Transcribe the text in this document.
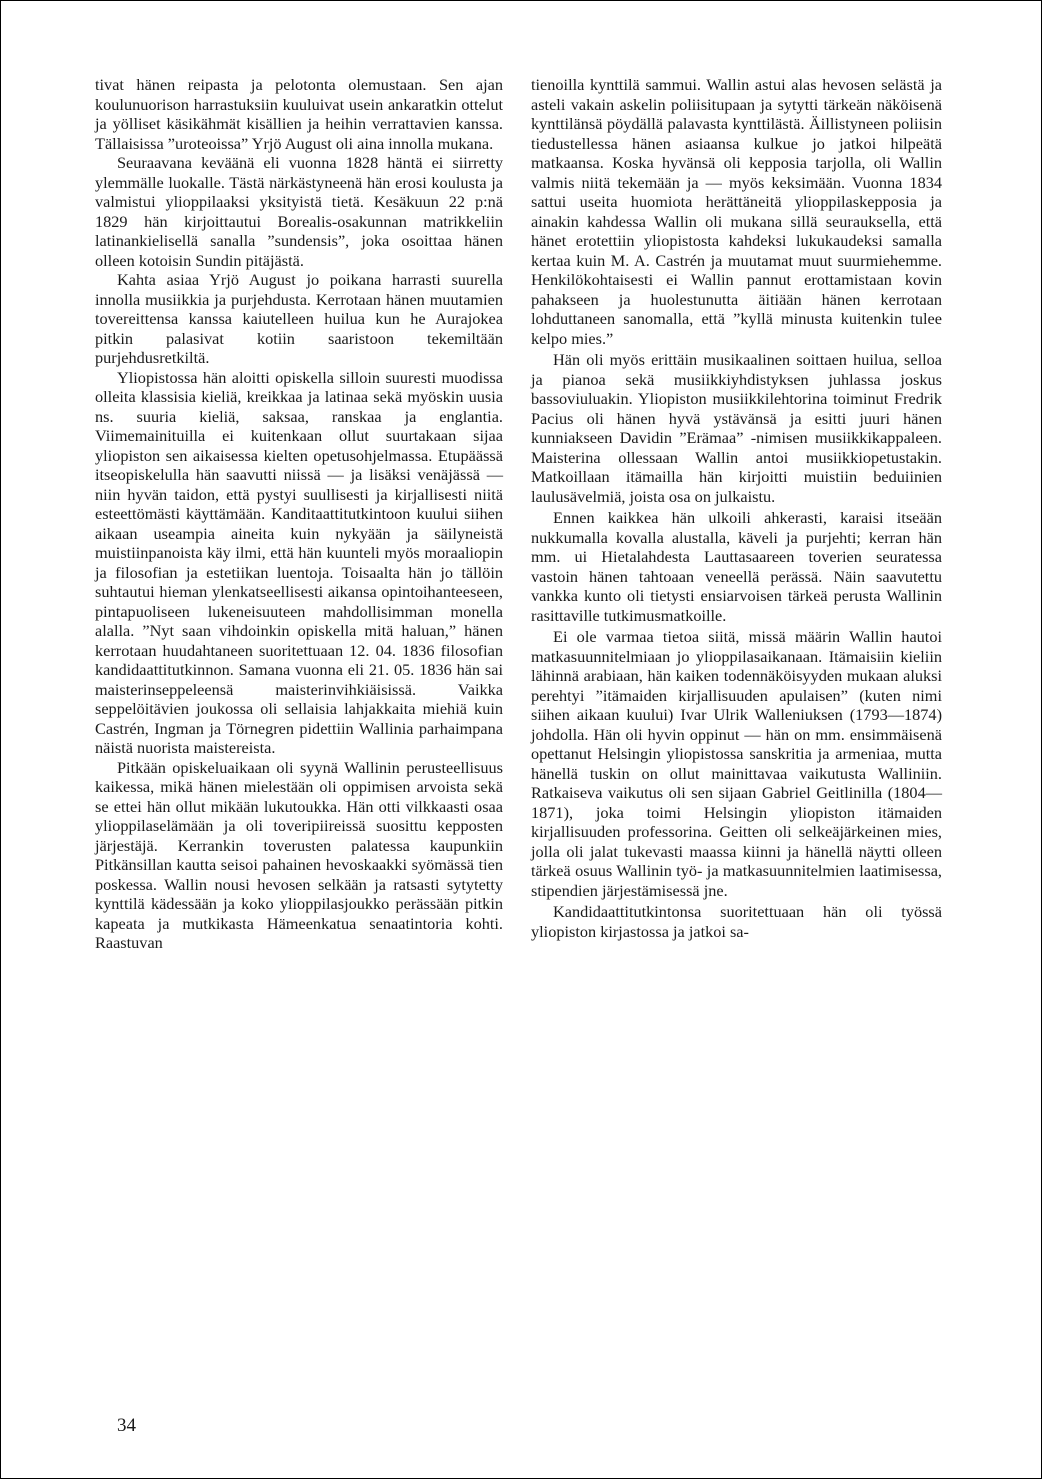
tivat hänen reipasta ja pelotonta olemustaan. Sen ajan koulunuorison harrastuksiin kuuluivat usein ankaratkin ottelut ja yölliset käsikähmät kisällien ja heihin verrattavien kanssa. Tällaisissa ”uroteoissa” Yrjö August oli aina innolla mukana.

Seuraavana keväänä eli vuonna 1828 häntä ei siirretty ylemmälle luokalle. Tästä närkästyneenä hän erosi koulusta ja valmistui ylioppilaaksi yksityistä tietä. Kesäkuun 22 p:nä 1829 hän kirjoittautui Borealis-osakunnan matrikkeliin latinankielisellä sanalla ”sundensis”, joka osoittaa hänen olleen kotoisin Sundin pitäjästä.

Kahta asiaa Yrjö August jo poikana harrasti suurella innolla musiikkia ja purjehdusta. Kerrotaan hänen muutamien tovereittensa kanssa kaiutelleen huilua kun he Aurajokea pitkin palasivat kotiin saaristoon tekemiltään purjehdusretkiltä.

Yliopistossa hän aloitti opiskella silloin suuresti muodissa olleita klassisia kieliä, kreikkaa ja latinaa sekä myöskin uusia ns. suuria kieliä, saksaa, ranskaa ja englantia. Viimemainituilla ei kuitenkaan ollut suurtakaan sijaa yliopiston sen aikaisessa kielten opetusohjelmassa. Etupäässä itseopiskelulla hän saavutti niissä — ja lisäksi venäjässä — niin hyvän taidon, että pystyi suullisesti ja kirjallisesti niitä esteettömästi käyttämään. Kanditaattitutkintoon kuului siihen aikaan useampia aineita kuin nykyään ja säilyneistä muistiinpanoista käy ilmi, että hän kuunteli myös moraaliopin ja filosofian ja estetiikan luentoja. Toisaalta hän jo tällöin suhtautui hieman ylenkatseellisesti aikansa opintoihanteeseen, pintapuoliseen lukeneisuuteen mahdollisimman monella alalla. ”Nyt saan vihdoinkin opiskella mitä haluan,” hänen kerrotaan huudahtaneen suoritettuaan 12. 04. 1836 filosofian kandidaattitutkinnon. Samana vuonna eli 21. 05. 1836 hän sai maisterinseppeleensä maisterinvihkiäisissä. Vaikka seppelöitävien joukossa oli sellaisia lahjakkaita miehiä kuin Castrén, Ingman ja Törnegren pidettiin Wallinia parhaimpana näistä nuorista maistereista.

Pitkään opiskeluaikaan oli syynä Wallinin perusteellisuus kaikessa, mikä hänen mielestään oli oppimisen arvoista sekä se ettei hän ollut mikään lukutoukka. Hän otti vilkkaasti osaa ylioppilaselämään ja oli toveripiireissä suosittu kepposten järjestäjä. Kerrankin toverusten palatessa kaupunkiin Pitkänsillan kautta seisoi pahainen hevoskaakki syömässä tien poskessa. Wallin nousi hevosen selkään ja ratsasti sytytetty kynttilä kädessään ja koko ylioppilasjoukko perässään pitkin kapeata ja mutkikasta Hämeenkatua senaatintoria kohti. Raastuvan

tienoilla kynttilä sammui. Wallin astui alas hevosen selästä ja asteli vakain askelin poliisitupaan ja sytytti tärkeän näköisenä kynttilänsä pöydällä palavasta kynttilästä. Äillistyneen poliisin tiedustellessa hänen asiaansa kulkue jo jatkoi hilpeätä matkaansa. Koska hyvänsä oli kepposia tarjolla, oli Wallin valmis niitä tekemään ja — myös keksimään. Vuonna 1834 sattui useita huomiota herättäneitä ylioppilaskepposia ja ainakin kahdessa Wallin oli mukana sillä seurauksella, että hänet erotettiin yliopistosta kahdeksi lukukaudeksi samalla kertaa kuin M. A. Castrén ja muutamat muut suurmiehemme. Henkilökohtaisesti ei Wallin pannut erottamistaan kovin pahakseen ja huolestunutta äitiään hänen kerrotaan lohduttaneen sanomalla, että ”kyllä minusta kuitenkin tulee kelpo mies.”

Hän oli myös erittäin musikaalinen soittaen huilua, selloa ja pianoa sekä musiikkiyhdistyksen juhlassa joskus bassoviuluakin. Yliopiston musiikkilehtorina toiminut Fredrik Pacius oli hänen hyvä ystävänsä ja esitti juuri hänen kunniakseen Davidin ”Erämaa” -nimisen musiikkikappaleen. Maisterina ollessaan Wallin antoi musiikkiopetustakin. Matkoillaan itämailla hän kirjoitti muistiin beduiinien laulusävelmiä, joista osa on julkaistu.

Ennen kaikkea hän ulkoili ahkerasti, karaisi itseään nukkumalla kovalla alustalla, käveli ja purjehti; kerran hän mm. ui Hietalahdesta Lauttasaareen toverien seuratessa vastoin hänen tahtoaan veneellä perässä. Näin saavutettu vankka kunto oli tietysti ensiarvoisen tärkeä perusta Wallinin rasittaville tutkimusmatkoille.

Ei ole varmaa tietoa siitä, missä määrin Wallin hautoi matkasuunnitelmiaan jo ylioppilasaikanaan. Itämaisiin kieliin lähinnä arabiaan, hän kaiken todennäköisyyden mukaan aluksi perehtyi ”itämaiden kirjallisuuden apulaisen” (kuten nimi siihen aikaan kuului) Ivar Ulrik Walleniuksen (1793—1874) johdolla. Hän oli hyvin oppinut — hän on mm. ensimmäisenä opettanut Helsingin yliopistossa sanskritia ja armeniaa, mutta hänellä tuskin on ollut mainittavaa vaikutusta Walliniin. Ratkaiseva vaikutus oli sen sijaan Gabriel Geitlinilla (1804—1871), joka toimi Helsingin yliopiston itämaiden kirjallisuuden professorina. Geitten oli selkeäjärkeinen mies, jolla oli jalat tukevasti maassa kiinni ja hänellä näytti olleen tärkeä osuus Wallinin työ- ja matkasuunnitelmien laatimisessa, stipendien järjestämisessä jne.

Kandidaattitutkintonsa suoritettuaan hän oli työssä yliopiston kirjastossa ja jatkoi sa-

34
